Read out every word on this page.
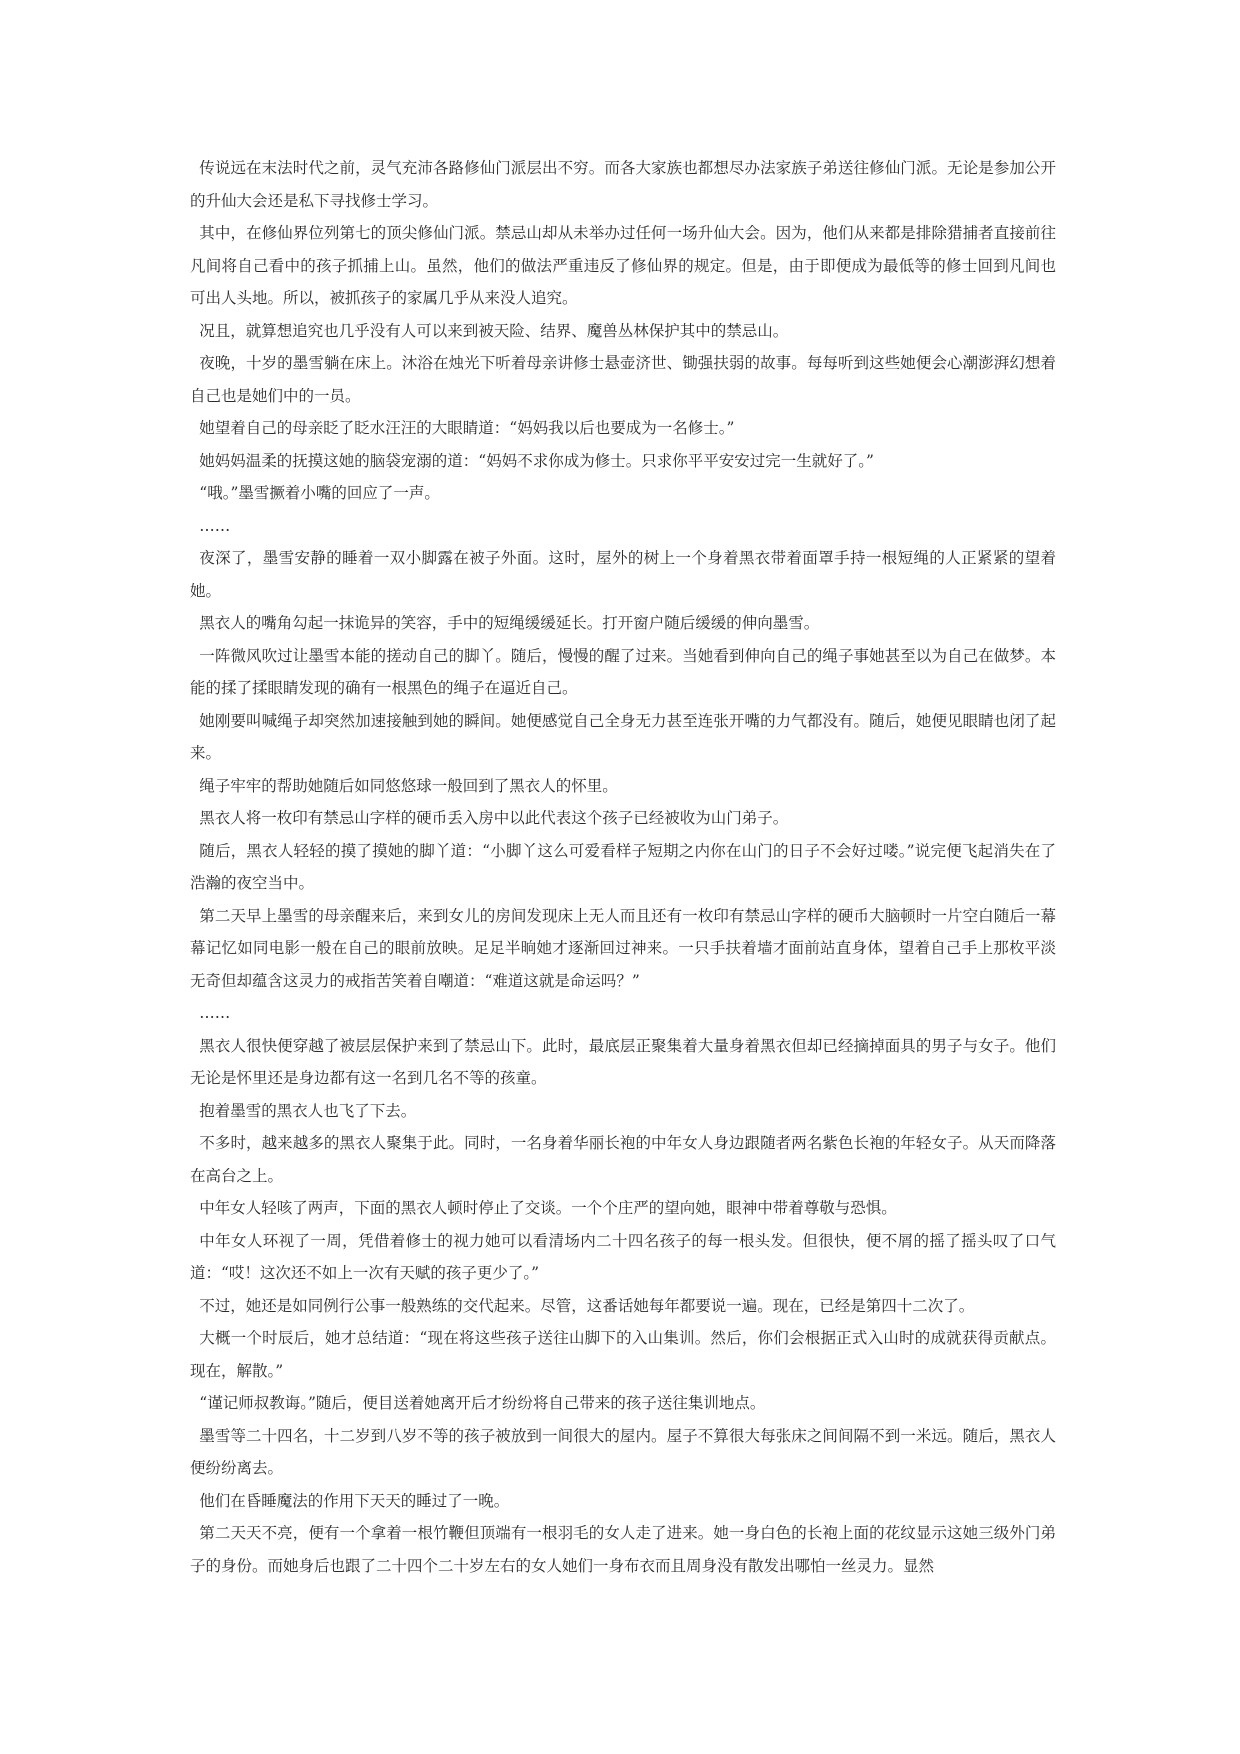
传说远在末法时代之前，灵气充沛各路修仙门派层出不穷。而各大家族也都想尽办法家族子弟送往修仙门派。无论是参加公开的升仙大会还是私下寻找修士学习。

其中，在修仙界位列第七的顶尖修仙门派。禁忌山却从未举办过任何一场升仙大会。因为，他们从来都是排除猎捕者直接前往凡间将自己看中的孩子抓捕上山。虽然，他们的做法严重违反了修仙界的规定。但是，由于即便成为最低等的修士回到凡间也可出人头地。所以，被抓孩子的家属几乎从来没人追究。

况且，就算想追究也几乎没有人可以来到被天险、结界、魔兽丛林保护其中的禁忌山。

夜晚，十岁的墨雪躺在床上。沐浴在烛光下听着母亲讲修士悬壶济世、锄强扶弱的故事。每每听到这些她便会心潮澎湃幻想着自己也是她们中的一员。

她望着自己的母亲眨了眨水汪汪的大眼睛道：“妈妈我以后也要成为一名修士。”

她妈妈温柔的抚摸这她的脑袋宠溺的道：“妈妈不求你成为修士。只求你平平安安过完一生就好了。”

“哦。”墨雪撅着小嘴的回应了一声。

……

夜深了，墨雪安静的睡着一双小脚露在被子外面。这时，屋外的树上一个身着黑衣带着面罩手持一根短绳的人正紧紧的望着她。

黑衣人的嘴角勾起一抹诡异的笑容，手中的短绳缓缓延长。打开窗户随后缓缓的伸向墨雪。

一阵微风吹过让墨雪本能的搓动自己的脚丫。随后，慢慢的醒了过来。当她看到伸向自己的绳子事她甚至以为自己在做梦。本能的揉了揉眼睛发现的确有一根黑色的绳子在逼近自己。

她刚要叫喊绳子却突然加速接触到她的瞬间。她便感觉自己全身无力甚至连张开嘴的力气都没有。随后，她便见眼睛也闭了起来。

绳子牢牢的帮助她随后如同悠悠球一般回到了黑衣人的怀里。

黑衣人将一枚印有禁忌山字样的硬币丢入房中以此代表这个孩子已经被收为山门弟子。

随后，黑衣人轻轻的摸了摸她的脚丫道：“小脚丫这么可爱看样子短期之内你在山门的日子不会好过喽。”说完便飞起消失在了浩瀚的夜空当中。

第二天早上墨雪的母亲醒来后，来到女儿的房间发现床上无人而且还有一枚印有禁忌山字样的硬币大脑顿时一片空白随后一幕幕记忆如同电影一般在自己的眼前放映。足足半晌她才逐渐回过神来。一只手扶着墙才面前站直身体，望着自己手上那枚平淡无奇但却蕴含这灵力的戒指苦笑着自嘲道：“难道这就是命运吗？”

……

黑衣人很快便穿越了被层层保护来到了禁忌山下。此时，最底层正聚集着大量身着黑衣但却已经摘掉面具的男子与女子。他们无论是怀里还是身边都有这一名到几名不等的孩童。

抱着墨雪的黑衣人也飞了下去。

不多时，越来越多的黑衣人聚集于此。同时，一名身着华丽长袍的中年女人身边跟随者两名紫色长袍的年轻女子。从天而降落在高台之上。

中年女人轻咳了两声，下面的黑衣人顿时停止了交谈。一个个庄严的望向她，眼神中带着尊敬与恐惧。

中年女人环视了一周，凭借着修士的视力她可以看清场内二十四名孩子的每一根头发。但很快，便不屑的摇了摇头叹了口气道：“哎！这次还不如上一次有天赋的孩子更少了。”

不过，她还是如同例行公事一般熟练的交代起来。尽管，这番话她每年都要说一遍。现在，已经是第四十二次了。

大概一个时辰后，她才总结道：“现在将这些孩子送往山脚下的入山集训。然后，你们会根据正式入山时的成就获得贡献点。现在，解散。”

“谨记师叔教诲。”随后，便目送着她离开后才纷纷将自己带来的孩子送往集训地点。

墨雪等二十四名，十二岁到八岁不等的孩子被放到一间很大的屋内。屋子不算很大每张床之间间隔不到一米远。随后，黑衣人便纷纷离去。

他们在昏睡魔法的作用下天天的睡过了一晚。

第二天天不亮，便有一个拿着一根竹鞭但顶端有一根羽毛的女人走了进来。她一身白色的长袍上面的花纹显示这她三级外门弟子的身份。而她身后也跟了二十四个二十岁左右的女人她们一身布衣而且周身没有散发出哪怕一丝灵力。显然
